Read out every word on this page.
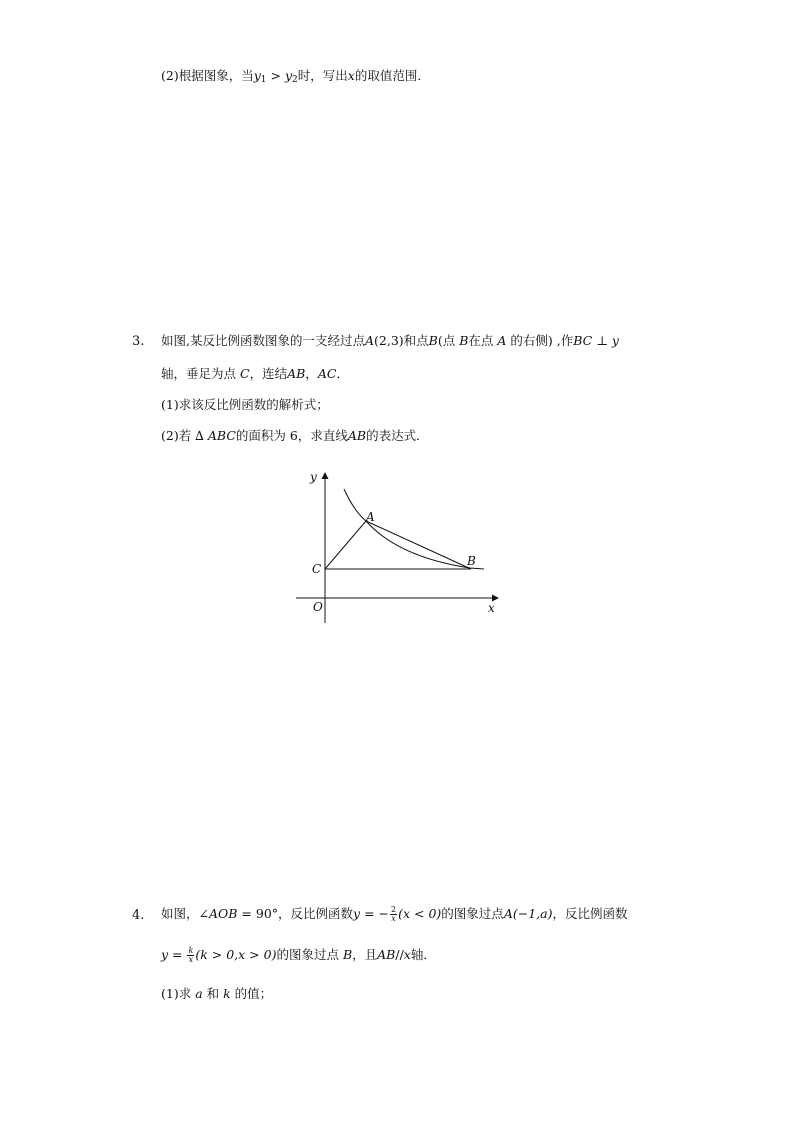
(2)根据图象，当$y_1 > y_2$时，写出x的取值范围．
3. 如图,某反比例函数图象的一支经过点A(2,3)和点B(点 B在点 A 的右侧) ,作BC ⊥ y
轴，垂足为点 C，连结AB，AC．
(1)求该反比例函数的解析式；
(2)若 ∆ ABC的面积为 6，求直线AB的表达式．
y
A
C
B
O	x
4. 如图，∠AOB = 90°，反比例函数y = − $\frac{2}{x} (x < 0)$的图象过点A(−1,a)，反比例函数
$y = \frac{k}{x} (k > 0,x > 0)$的图象过点 B，且AB//x轴．
(1)求 a 和 k 的值；
